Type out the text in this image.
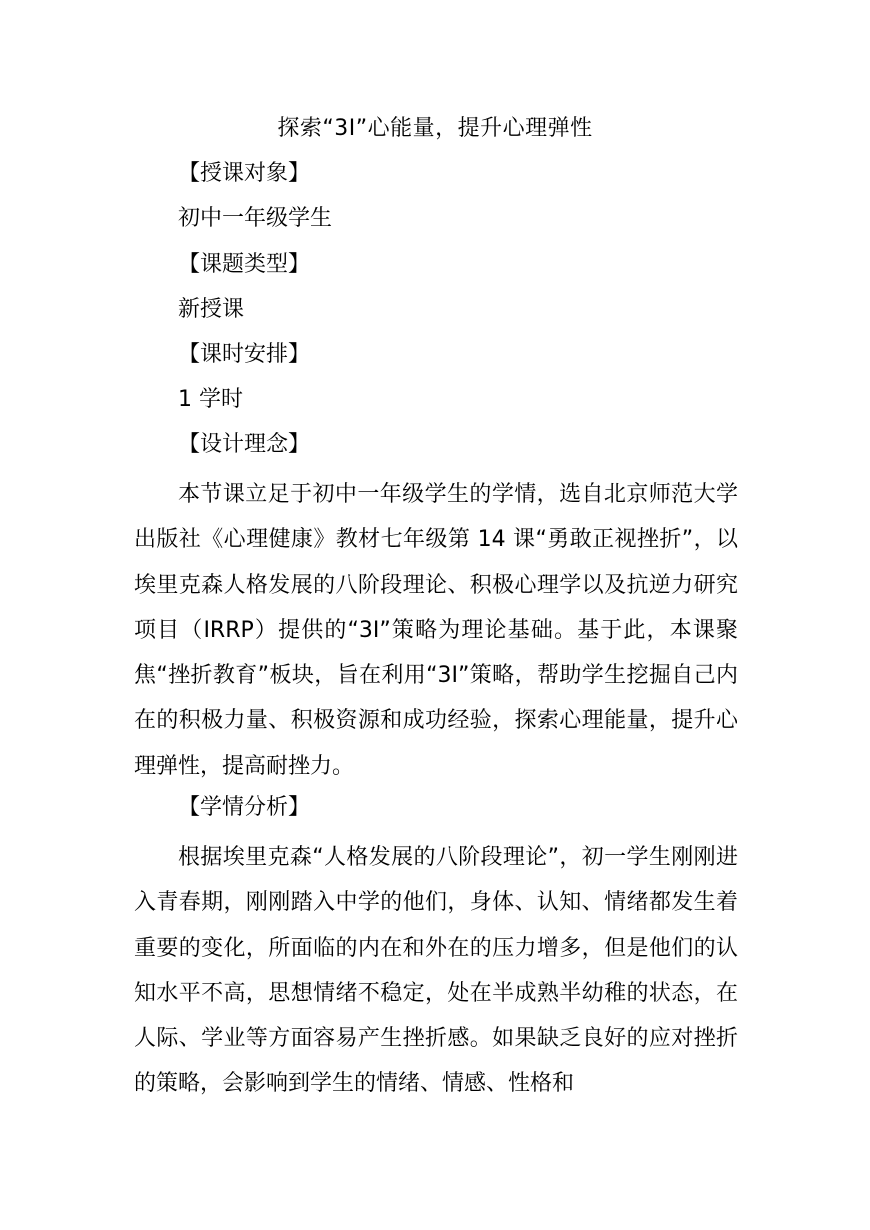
探索“3I”心能量，提升心理弹性
【授课对象】
初中一年级学生
【课题类型】
新授课
【课时安排】
1 学时
【设计理念】
本节课立足于初中一年级学生的学情，选自北京师范大学出版社《心理健康》教材七年级第 14 课“勇敢正视挫折”，以埃里克森人格发展的八阶段理论、积极心理学以及抗逆力研究项目（IRRP）提供的“3I”策略为理论基础。基于此，本课聚焦“挫折教育”板块，旨在利用“3I”策略，帮助学生挖掘自己内在的积极力量、积极资源和成功经验，探索心理能量，提升心理弹性，提高耐挫力。
【学情分析】
根据埃里克森“人格发展的八阶段理论”，初一学生刚刚进入青春期，刚刚踏入中学的他们，身体、认知、情绪都发生着重要的变化，所面临的内在和外在的压力增多，但是他们的认知水平不高，思想情绪不稳定，处在半成熟半幼稚的状态，在人际、学业等方面容易产生挫折感。如果缺乏良好的应对挫折的策略，会影响到学生的情绪、情感、性格和
